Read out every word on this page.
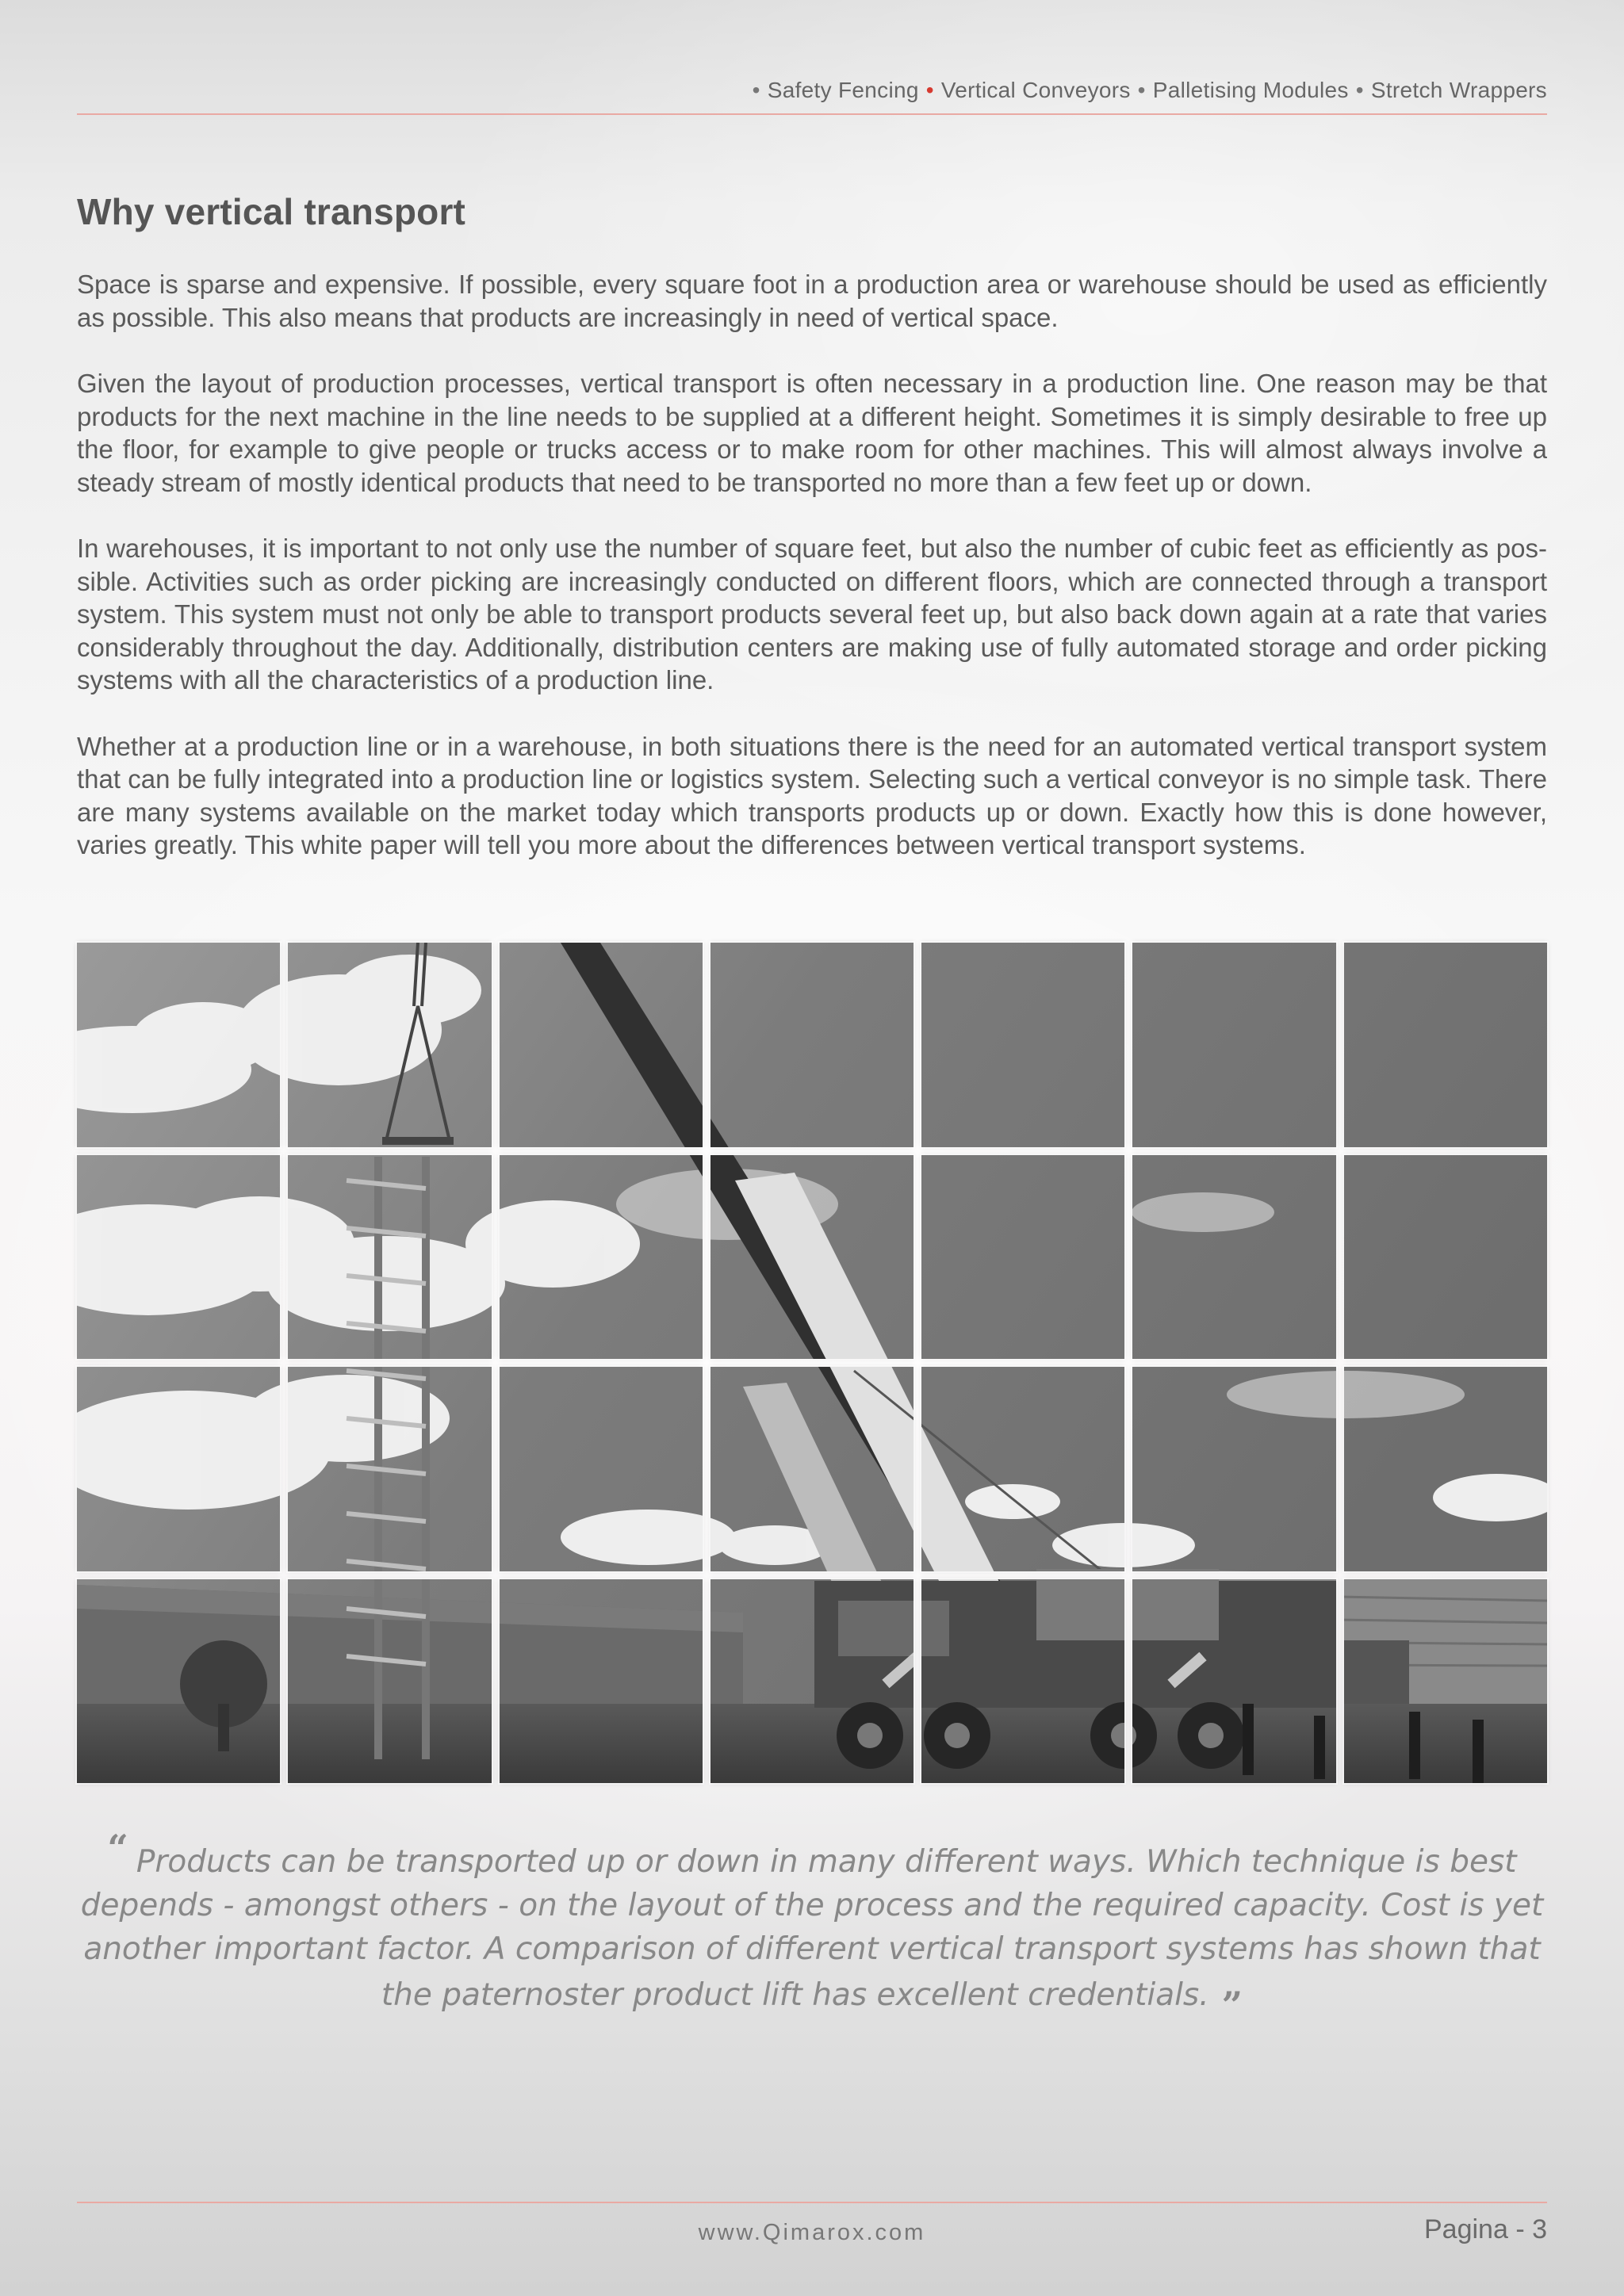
• Safety Fencing • Vertical Conveyors • Palletising Modules • Stretch Wrappers
Why vertical transport

Space is sparse and expensive. If possible, every square foot in a production area or warehouse should be used as efficiently as possible. This also means that products are increasingly in need of vertical space.

Given the layout of production processes, vertical transport is often necessary in a production line. One reason may be that products for the next machine in the line needs to be supplied at a different height. Sometimes it is simply desirable to free up the floor, for example to give people or trucks access or to make room for other machines. This will almost always involve a steady stream of mostly identical products that need to be transported no more than a few feet up or down.

In warehouses, it is important to not only use the number of square feet, but also the number of cubic feet as efficiently as pos-sible. Activities such as order picking are increasingly conducted on different floors, which are connected through a transport system. This system must not only be able to transport products several feet up, but also back down again at a rate that varies considerably throughout the day. Additionally, distribution centers are making use of fully automated storage and order picking systems with all the characteristics of a production line.

Whether at a production line or in a warehouse, in both situations there is the need for an automated vertical transport system that can be fully integrated into a production line or logistics system. Selecting such a vertical conveyor is no simple task. There are many systems available on the market today which transports products up or down. Exactly how this is done however, varies greatly. This white paper will tell you more about the differences between vertical transport systems.

“ Products can be transported up or down in many different ways. Which technique is best depends - amongst others - on the layout of the process and the required capacity. Cost is yet another important factor. A comparison of different vertical transport systems has shown that the paternoster product lift has excellent credentials. ”
www.Qimarox.com	Pagina - 3
